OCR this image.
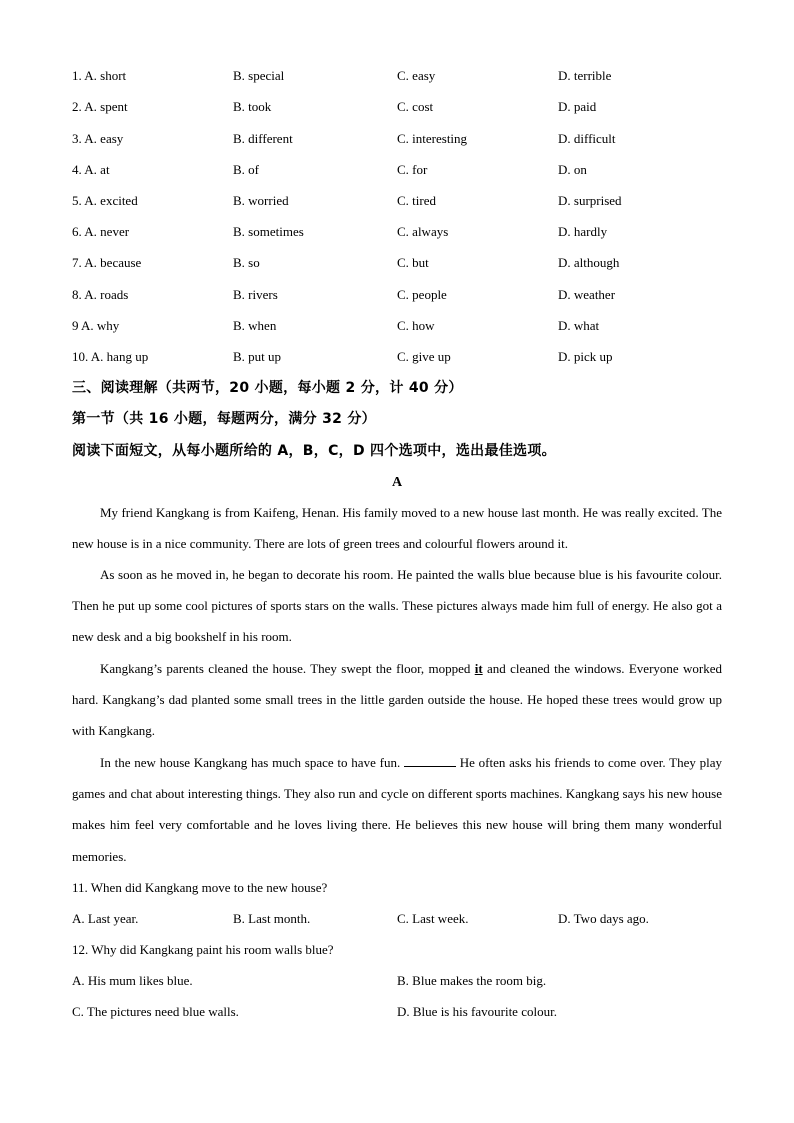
1. A. short	B. special	C. easy	D. terrible
2. A. spent	B. took	C. cost	D. paid
3. A. easy	B. different	C. interesting	D. difficult
4. A. at	B. of	C. for	D. on
5. A. excited	B. worried	C. tired	D. surprised
6. A. never	B. sometimes	C. always	D. hardly
7. A. because	B. so	C. but	D. although
8. A. roads	B. rivers	C. people	D. weather
9 A. why	B. when	C. how	D. what
10. A. hang up	B. put up	C. give up	D. pick up
三、阅读理解（共两节，20 小题，每小题 2 分，计 40 分）
第一节（共 16 小题，每题两分，满分 32 分）
阅读下面短文，从每小题所给的 A，B，C，D 四个选项中，选出最佳选项。
A
My friend Kangkang is from Kaifeng, Henan. His family moved to a new house last month. He was really excited. The new house is in a nice community. There are lots of green trees and colourful flowers around it.
As soon as he moved in, he began to decorate his room. He painted the walls blue because blue is his favourite colour. Then he put up some cool pictures of sports stars on the walls. These pictures always made him full of energy. He also got a new desk and a big bookshelf in his room.
Kangkang’s parents cleaned the house. They swept the floor, mopped it and cleaned the windows. Everyone worked hard. Kangkang’s dad planted some small trees in the little garden outside the house. He hoped these trees would grow up with Kangkang.
In the new house Kangkang has much space to have fun.	He often asks his friends to come over. They play games and chat about interesting things. They also run and cycle on different sports machines. Kangkang says his new house makes him feel very comfortable and he loves living there. He believes this new house will bring them many wonderful memories.
11. When did Kangkang move to the new house?
A. Last year.	B. Last month.	C. Last week.	D. Two days ago.
12. Why did Kangkang paint his room walls blue?
A. His mum likes blue.	B. Blue makes the room big.
C. The pictures need blue walls.	D. Blue is his favourite colour.
